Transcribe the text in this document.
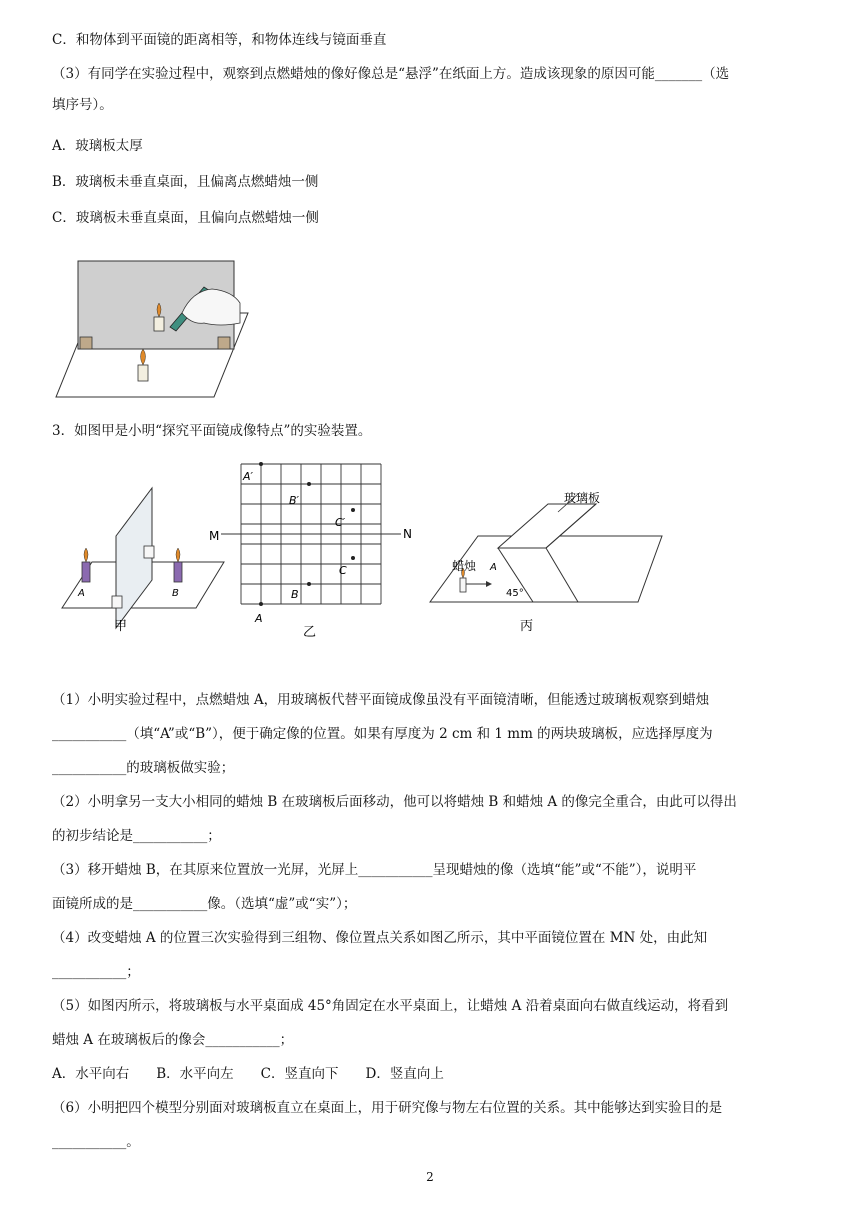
C．和物体到平面镜的距离相等，和物体连线与镜面垂直
（3）有同学在实验过程中，观察到点燃蜡烛的像好像总是“悬浮”在纸面上方。造成该现象的原因可能_______（选
填序号）。
A．玻璃板太厚
B．玻璃板未垂直桌面，且偏离点燃蜡烛一侧
C．玻璃板未垂直桌面，且偏向点燃蜡烛一侧
3．如图甲是小明“探究平面镜成像特点”的实验装置。
A	B
甲
M	N
A′
B′
C′
C
B
A
乙
玻璃板
蜡烛 A
45°
丙
（1）小明实验过程中，点燃蜡烛 A，用玻璃板代替平面镜成像虽没有平面镜清晰，但能透过玻璃板观察到蜡烛
___________（填“A”或“B”），便于确定像的位置。如果有厚度为 2 cm 和 1 mm 的两块玻璃板，应选择厚度为
___________的玻璃板做实验；
（2）小明拿另一支大小相同的蜡烛 B 在玻璃板后面移动，他可以将蜡烛 B 和蜡烛 A 的像完全重合，由此可以得出
的初步结论是___________；
（3）移开蜡烛 B，在其原来位置放一光屏，光屏上___________呈现蜡烛的像（选填“能”或“不能”），说明平
面镜所成的是___________像。（选填“虚”或“实”）；
（4）改变蜡烛 A 的位置三次实验得到三组物、像位置点关系如图乙所示，其中平面镜位置在 MN 处，由此知
___________；
（5）如图丙所示，将玻璃板与水平桌面成 45°角固定在水平桌面上，让蜡烛 A 沿着桌面向右做直线运动，将看到
蜡烛 A 在玻璃板后的像会___________；
A．水平向右　　B．水平向左　　C．竖直向下　　D．竖直向上
（6）小明把四个模型分别面对玻璃板直立在桌面上，用于研究像与物左右位置的关系。其中能够达到实验目的是
___________。
2
